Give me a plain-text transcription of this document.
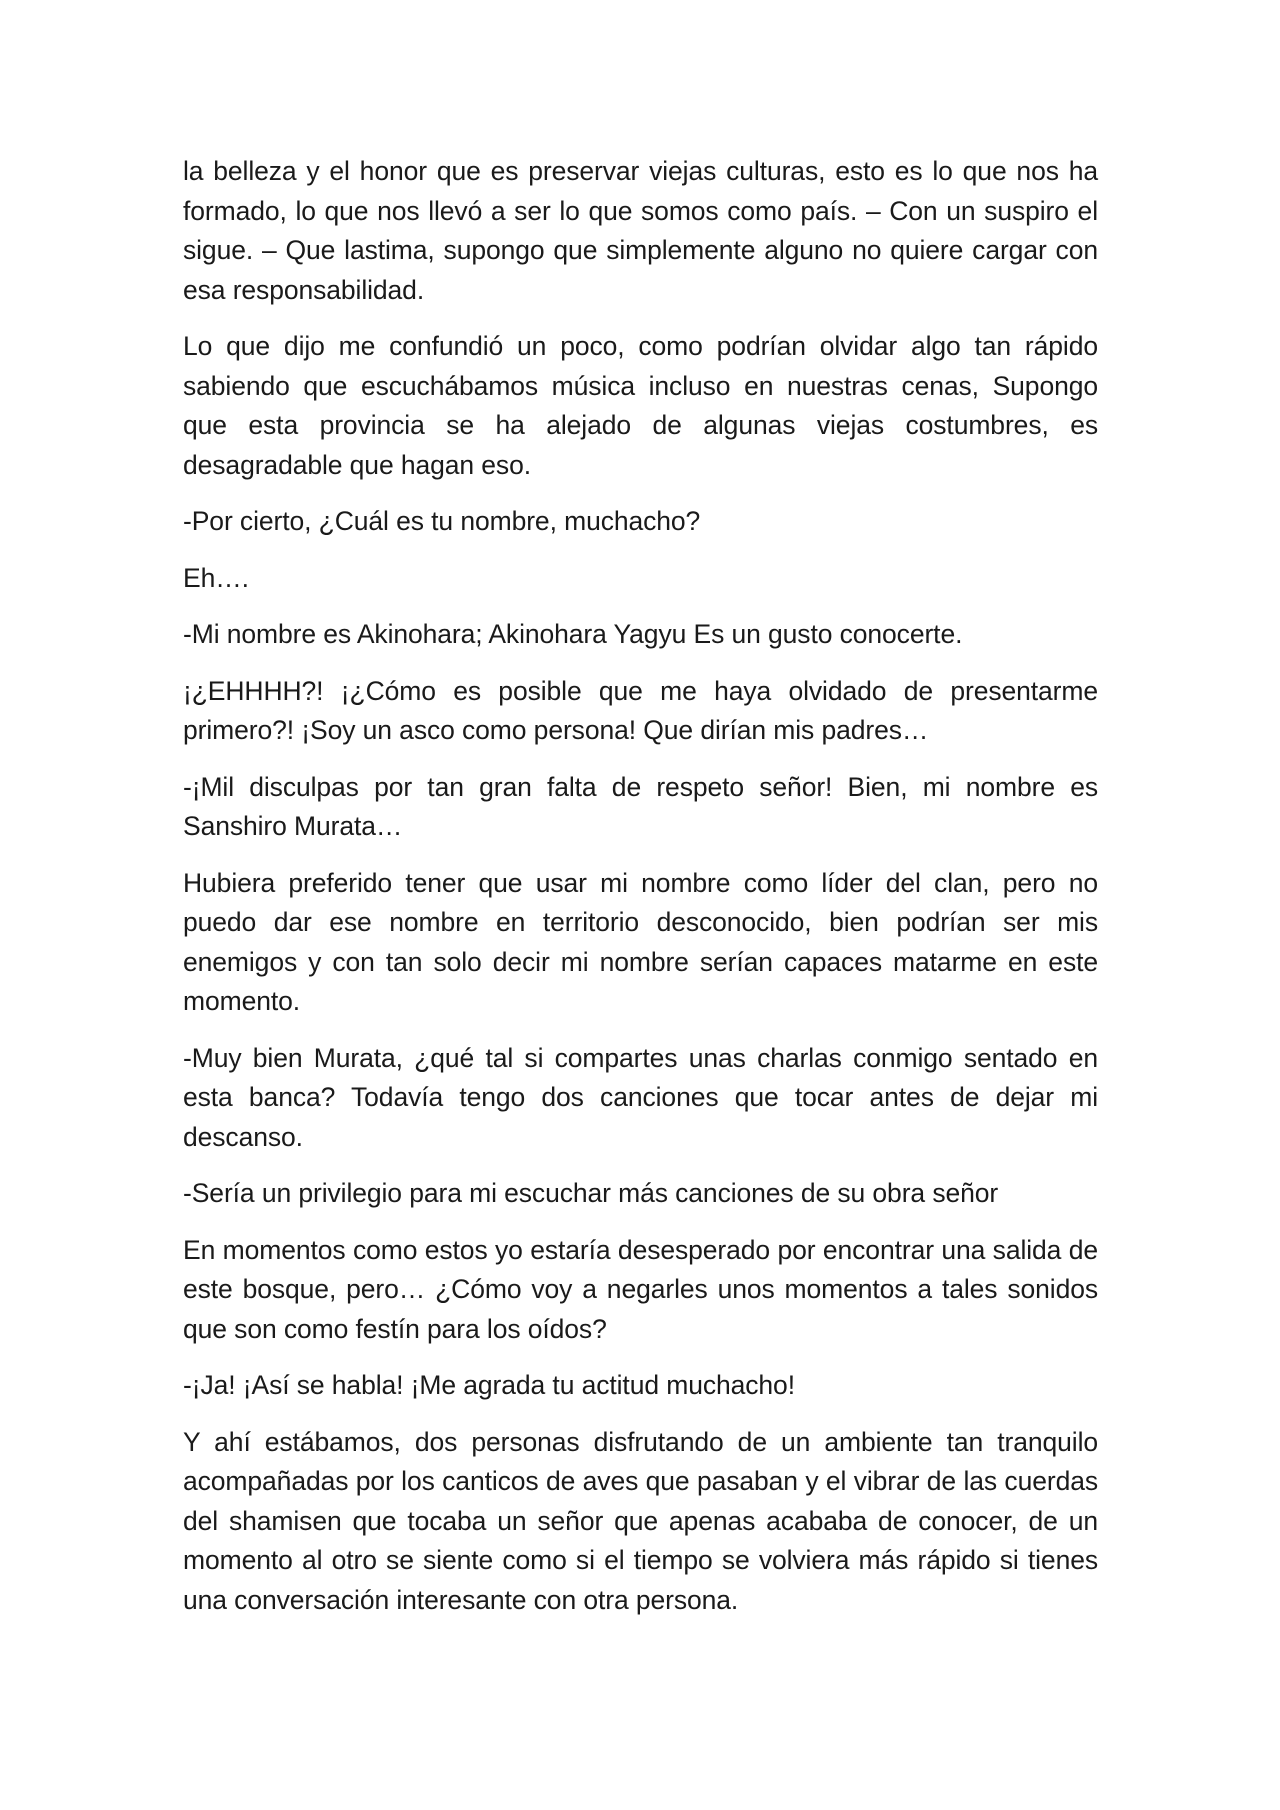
la belleza y el honor que es preservar viejas culturas, esto es lo que nos ha formado, lo que nos llevó a ser lo que somos como país. – Con un suspiro el sigue. – Que lastima, supongo que simplemente alguno no quiere cargar con esa responsabilidad.

Lo que dijo me confundió un poco, como podrían olvidar algo tan rápido sabiendo que escuchábamos música incluso en nuestras cenas, Supongo que esta provincia se ha alejado de algunas viejas costumbres, es desagradable que hagan eso.

-Por cierto, ¿Cuál es tu nombre, muchacho?

Eh….

-Mi nombre es Akinohara; Akinohara Yagyu Es un gusto conocerte.

¡¿EHHHH?! ¡¿Cómo es posible que me haya olvidado de presentarme primero?! ¡Soy un asco como persona! Que dirían mis padres…

-¡Mil disculpas por tan gran falta de respeto señor! Bien, mi nombre es Sanshiro Murata…

Hubiera preferido tener que usar mi nombre como líder del clan, pero no puedo dar ese nombre en territorio desconocido, bien podrían ser mis enemigos y con tan solo decir mi nombre serían capaces matarme en este momento.

-Muy bien Murata, ¿qué tal si compartes unas charlas conmigo sentado en esta banca? Todavía tengo dos canciones que tocar antes de dejar mi descanso.

-Sería un privilegio para mi escuchar más canciones de su obra señor

En momentos como estos yo estaría desesperado por encontrar una salida de este bosque, pero… ¿Cómo voy a negarles unos momentos a tales sonidos que son como festín para los oídos?

-¡Ja! ¡Así se habla! ¡Me agrada tu actitud muchacho!

Y ahí estábamos, dos personas disfrutando de un ambiente tan tranquilo acompañadas por los canticos de aves que pasaban y el vibrar de las cuerdas del shamisen que tocaba un señor que apenas acababa de conocer, de un momento al otro se siente como si el tiempo se volviera más rápido si tienes una conversación interesante con otra persona.
